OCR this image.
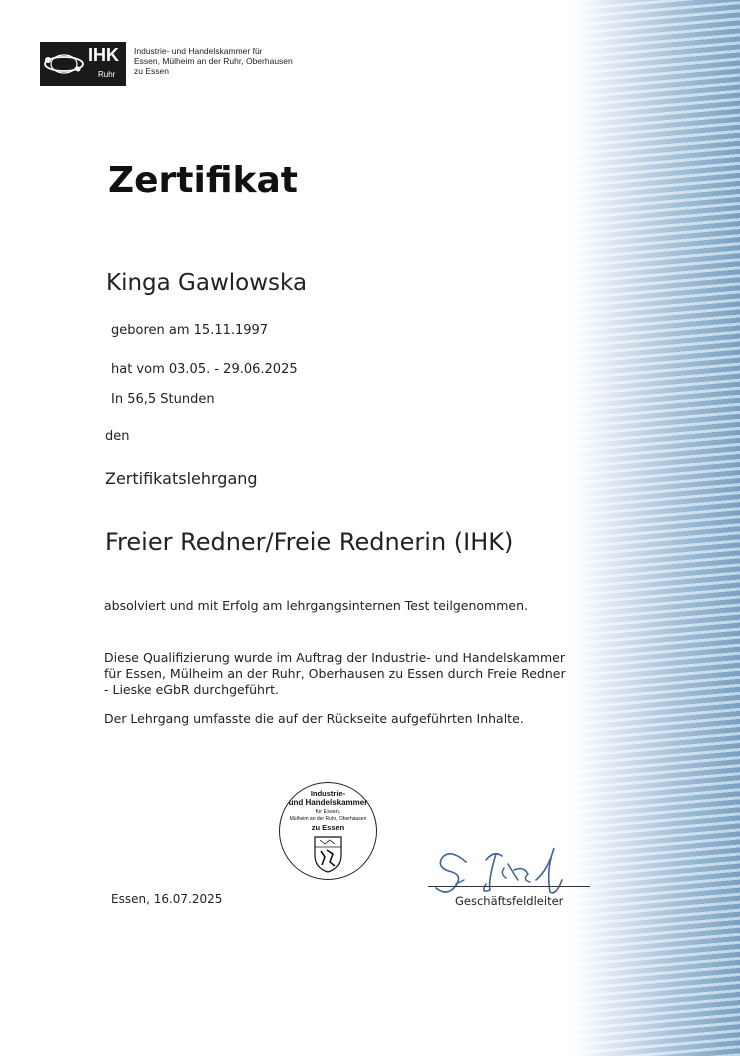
IHK
Ruhr
Industrie- und Handelskammer für
Essen, Mülheim an der Ruhr, Oberhausen
zu Essen
Zertifikat
Kinga Gawlowska
geboren am 15.11.1997
hat vom 03.05. - 29.06.2025
In 56,5 Stunden
den
Zertifikatslehrgang
Freier Redner/Freie Rednerin (IHK)
absolviert und mit Erfolg am lehrgangsinternen Test teilgenommen.
Diese Qualifizierung wurde im Auftrag der Industrie- und Handelskammer
für Essen, Mülheim an der Ruhr, Oberhausen zu Essen durch Freie Redner
- Lieske eGbR durchgeführt.
Der Lehrgang umfasste die auf der Rückseite aufgeführten Inhalte.
Industrie-
und Handelskammer
für Essen,
Mülheim an der Ruhr, Oberhausen
zu Essen
Geschäftsfeldleiter
Essen, 16.07.2025
